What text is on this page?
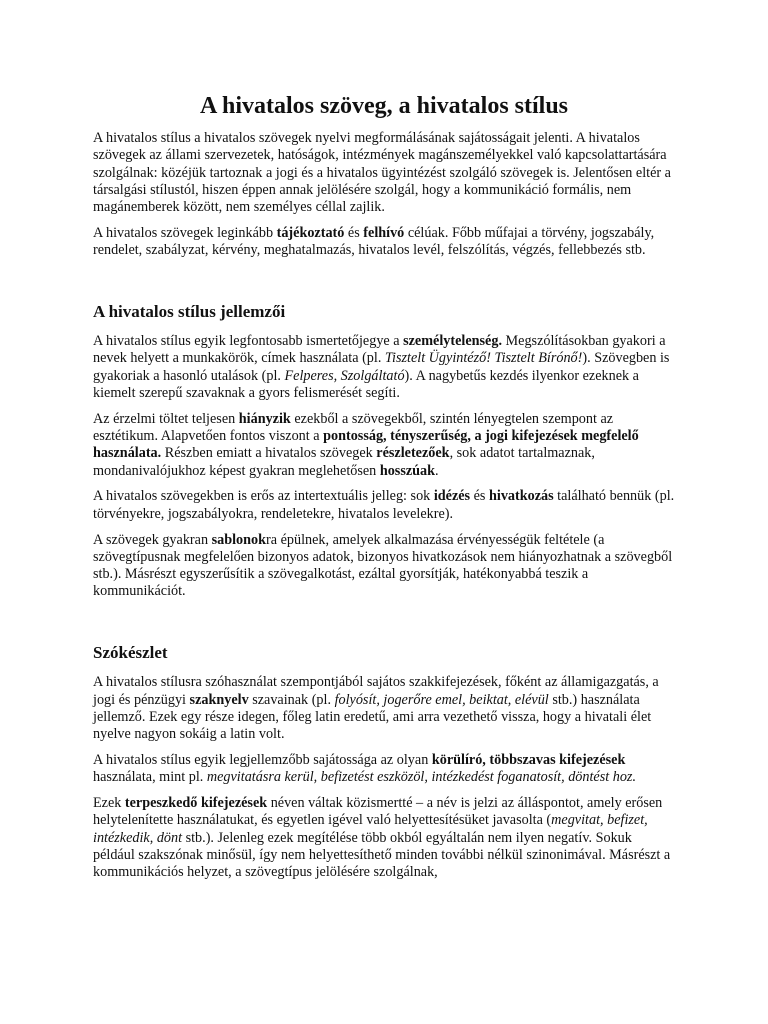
A hivatalos szöveg, a hivatalos stílus

A hivatalos stílus a hivatalos szövegek nyelvi megformálásának sajátosságait jelenti. A hivatalos szövegek az állami szervezetek, hatóságok, intézmények magánszemélyekkel való kapcsolattartására szolgálnak: közéjük tartoznak a jogi és a hivatalos ügyintézést szolgáló szövegek is. Jelentősen eltér a társalgási stílustól, hiszen éppen annak jelölésére szolgál, hogy a kommunikáció formális, nem magánemberek között, nem személyes céllal zajlik.

A hivatalos szövegek leginkább tájékoztató és felhívó célúak. Főbb műfajai a törvény, jogszabály, rendelet, szabályzat, kérvény, meghatalmazás, hivatalos levél, felszólítás, végzés, fellebbezés stb.

A hivatalos stílus jellemzői

A hivatalos stílus egyik legfontosabb ismertetőjegye a személytelenség. Megszólításokban gyakori a nevek helyett a munkakörök, címek használata (pl. Tisztelt Ügyintéző! Tisztelt Bírónő!). Szövegben is gyakoriak a hasonló utalások (pl. Felperes, Szolgáltató). A nagybetűs kezdés ilyenkor ezeknek a kiemelt szerepű szavaknak a gyors felismerését segíti.

Az érzelmi töltet teljesen hiányzik ezekből a szövegekből, szintén lényegtelen szempont az esztétikum. Alapvetően fontos viszont a pontosság, tényszerűség, a jogi kifejezések megfelelő használata. Részben emiatt a hivatalos szövegek részletezőek, sok adatot tartalmaznak, mondanivalójukhoz képest gyakran meglehetősen hosszúak.

A hivatalos szövegekben is erős az intertextuális jelleg: sok idézés és hivatkozás található bennük (pl. törvényekre, jogszabályokra, rendeletekre, hivatalos levelekre).

A szövegek gyakran sablonokra épülnek, amelyek alkalmazása érvényességük feltétele (a szövegtípusnak megfelelően bizonyos adatok, bizonyos hivatkozások nem hiányozhatnak a szövegből stb.). Másrészt egyszerűsítik a szövegalkotást, ezáltal gyorsítják, hatékonyabbá teszik a kommunikációt.

Szókészlet

A hivatalos stílusra szóhasználat szempontjából sajátos szakkifejezések, főként az államigazgatás, a jogi és pénzügyi szaknyelv szavainak (pl. folyósít, jogerőre emel, beiktat, elévül stb.) használata jellemző. Ezek egy része idegen, főleg latin eredetű, ami arra vezethető vissza, hogy a hivatali élet nyelve nagyon sokáig a latin volt.

A hivatalos stílus egyik legjellemzőbb sajátossága az olyan körülíró, többszavas kifejezések használata, mint pl. megvitatásra kerül, befizetést eszközöl, intézkedést foganatosít, döntést hoz.

Ezek terpeszkedő kifejezések néven váltak közismertté – a név is jelzi az álláspontot, amely erősen helytelenítette használatukat, és egyetlen igével való helyettesítésüket javasolta (megvitat, befizet, intézkedik, dönt stb.). Jelenleg ezek megítélése több okból egyáltalán nem ilyen negatív. Sokuk például szakszónak minősül, így nem helyettesíthető minden további nélkül szinonimával. Másrészt a kommunikációs helyzet, a szövegtípus jelölésére szolgálnak,
